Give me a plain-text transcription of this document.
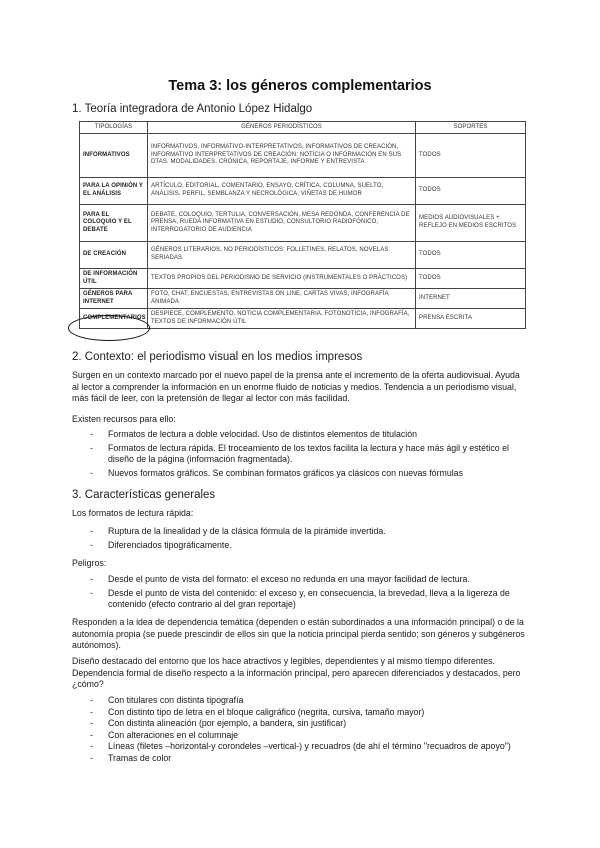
Tema 3: los géneros complementarios
1. Teoría integradora de Antonio López Hidalgo
TIPOLOGÍAS	GÉNEROS PERIODÍSTICOS	SOPORTES
INFORMATIVOS	INFORMATIVOS, INFORMATIVO-INTERPRETATIVOS, INFORMATIVOS DE CREACIÓN, INFORMATIVO INTERPRETATIVOS DE CREACIÓN: NOTICIA O INFORMACIÓN EN SUS DTAS. MODALIDADES, CRÓNICA, REPORTAJE, INFORME Y ENTREVISTA	TODOS
PARA LA OPINIÓN Y EL ANÁLISIS	ARTÍCULO, EDITORIAL, COMENTARIO, ENSAYO, CRÍTICA, COLUMNA, SUELTO, ANÁLISIS, PERFIL, SEMBLANZA Y NECROLÓGICA, VIÑETAS DE HUMOR	TODOS
PARA EL COLOQUIO Y EL DEBATE	DEBATE, COLOQUIO, TERTULIA, CONVERSACIÓN, MESA REDONDA, CONFERENCIA DE PRENSA, RUEDA INFORMATIVA EN ESTUDIO, CONSULTORIO RADIOFÓNICO, INTERROGATORIO DE AUDIENCIA	MEDIOS AUDIOVISUALES + REFLEJO EN MEDIOS ESCRITOS
DE CREACIÓN	GÉNEROS LITERARIOS, NO PERIODÍSTICOS: FOLLETINES, RELATOS, NOVELAS SERIADAS	TODOS
DE INFORMACIÓN ÚTIL	TEXTOS PROPIOS DEL PERIODISMO DE SERVICIO (INSTRUMENTALES O PRÁCTICOS)	TODOS
GÉNEROS PARA INTERNET	FOTO, CHAT, ENCUESTAS, ENTREVISTAS ON LINE, CARTAS VIVAS, INFOGRAFÍA ANIMADA	INTERNET
COMPLEMENTARIOS	DESPIECE, COMPLEMENTO, NOTICIA COMPLEMENTARIA, FOTONOTICIA, INFOGRAFÍA, TEXTOS DE INFORMACIÓN ÚTIL	PRENSA ESCRITA
2. Contexto: el periodismo visual en los medios impresos

Surgen en un contexto marcado por el nuevo papel de la prensa ante el incremento de la oferta audiovisual. Ayuda al lector a comprender la información en un enorme fluido de noticias y medios. Tendencia a un periodismo visual, más fácil de leer, con la pretensión de llegar al lector con más facilidad.

Existen recursos para ello:

- Formatos de lectura a doble velocidad. Uso de distintos elementos de titulación
- Formatos de lectura rápida. El troceamiento de los textos facilita la lectura y hace más ágil y estético el diseño de la página (información fragmentada).
- Nuevos formatos gráficos. Se combinan formatos gráficos ya clásicos con nuevas fórmulas
3. Características generales

Los formatos de lectura rápida:

- Ruptura de la linealidad y de la clásica fórmula de la pirámide invertida.
- Diferenciados tipográficamente.

Peligros:

- Desde el punto de vista del formato: el exceso no redunda en una mayor facilidad de lectura.
- Desde el punto de vista del contenido: el exceso y, en consecuencia, la brevedad, lleva a la ligereza de contenido (efecto contrario al del gran reportaje)

Responden a la idea de dependencia temática (dependen o están subordinados a una información principal) o de la autonomía propia (se puede prescindir de ellos sin que la noticia principal pierda sentido; son géneros y subgéneros autónomos).

Diseño destacado del entorno que los hace atractivos y legibles, dependientes y al mismo tiempo diferentes. Dependencia formal de diseño respecto a la información principal, pero aparecen diferenciados y destacados, pero ¿cómo?

- Con titulares con distinta tipografía
- Con distinto tipo de letra en el bloque caligráfico (negrita, cursiva, tamaño mayor)
- Con distinta alineación (por ejemplo, a bandera, sin justificar)
- Con alteraciones en el columnaje
- Líneas (filetes –horizontal-y corondeles –vertical-) y recuadros (de ahí el término "recuadros de apoyo")
- Tramas de color
